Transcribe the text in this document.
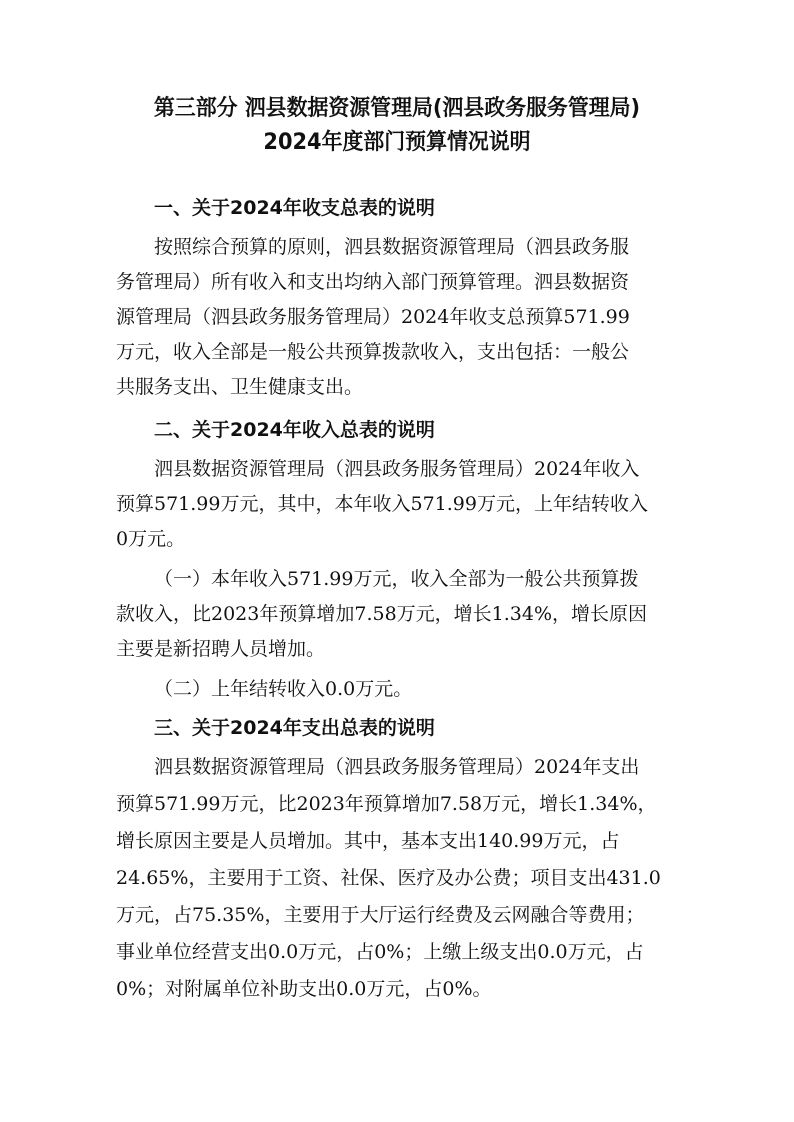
第三部分 泗县数据资源管理局(泗县政务服务管理局)
2024年度部门预算情况说明
一、关于2024年收支总表的说明
按照综合预算的原则，泗县数据资源管理局（泗县政务服
务管理局）所有收入和支出均纳入部门预算管理。泗县数据资
源管理局（泗县政务服务管理局）2024年收支总预算571.99
万元，收入全部是一般公共预算拨款收入，支出包括：一般公
共服务支出、卫生健康支出。
二、关于2024年收入总表的说明
泗县数据资源管理局（泗县政务服务管理局）2024年收入
预算571.99万元，其中，本年收入571.99万元，上年结转收入
0万元。
（一）本年收入571.99万元，收入全部为一般公共预算拨
款收入，比2023年预算增加7.58万元，增长1.34%，增长原因
主要是新招聘人员增加。
（二）上年结转收入0.0万元。
三、关于2024年支出总表的说明
泗县数据资源管理局（泗县政务服务管理局）2024年支出
预算571.99万元，比2023年预算增加7.58万元，增长1.34%，
增长原因主要是人员增加。其中，基本支出140.99万元，占
24.65%，主要用于工资、社保、医疗及办公费；项目支出431.0
万元，占75.35%，主要用于大厅运行经费及云网融合等费用；
事业单位经营支出0.0万元，占0%；上缴上级支出0.0万元，占
0%；对附属单位补助支出0.0万元，占0%。
